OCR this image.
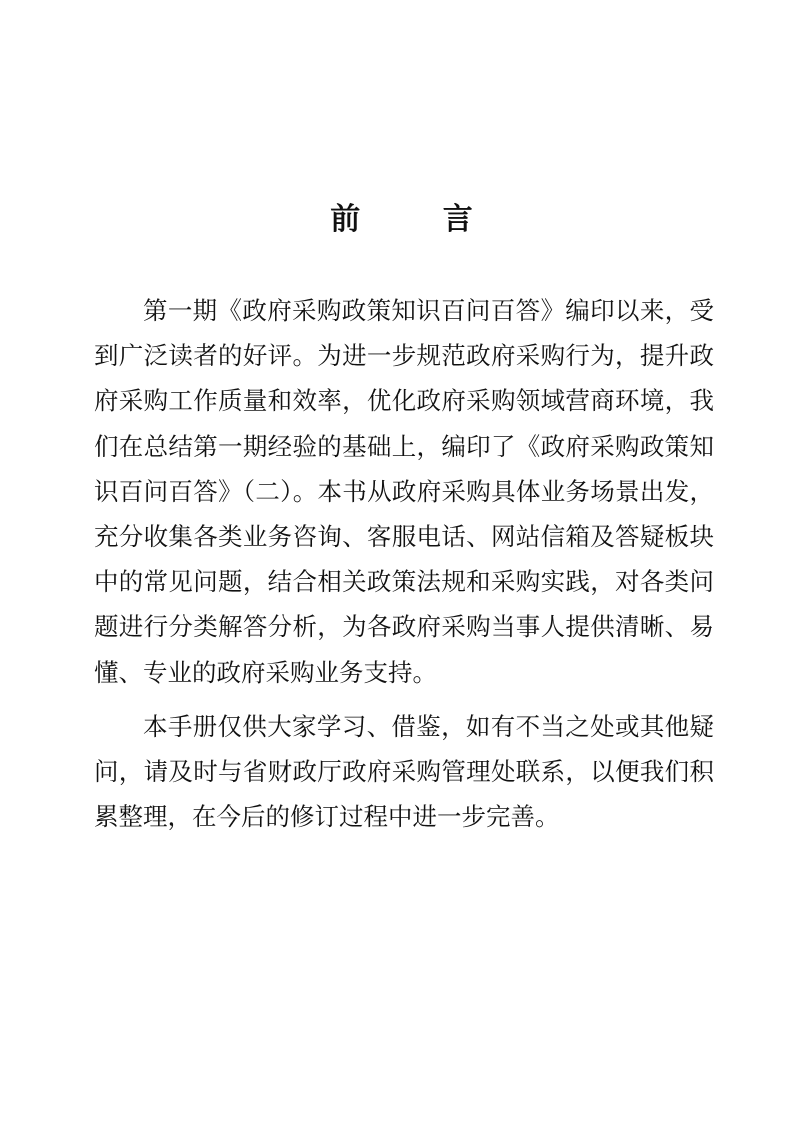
前 言

第一期《政府采购政策知识百问百答》编印以来，受到广泛读者的好评。为进一步规范政府采购行为，提升政府采购工作质量和效率，优化政府采购领域营商环境，我们在总结第一期经验的基础上，编印了《政府采购政策知识百问百答》（二）。本书从政府采购具体业务场景出发，充分收集各类业务咨询、客服电话、网站信箱及答疑板块中的常见问题，结合相关政策法规和采购实践，对各类问题进行分类解答分析，为各政府采购当事人提供清晰、易懂、专业的政府采购业务支持。

本手册仅供大家学习、借鉴，如有不当之处或其他疑问，请及时与省财政厅政府采购管理处联系，以便我们积累整理，在今后的修订过程中进一步完善。
